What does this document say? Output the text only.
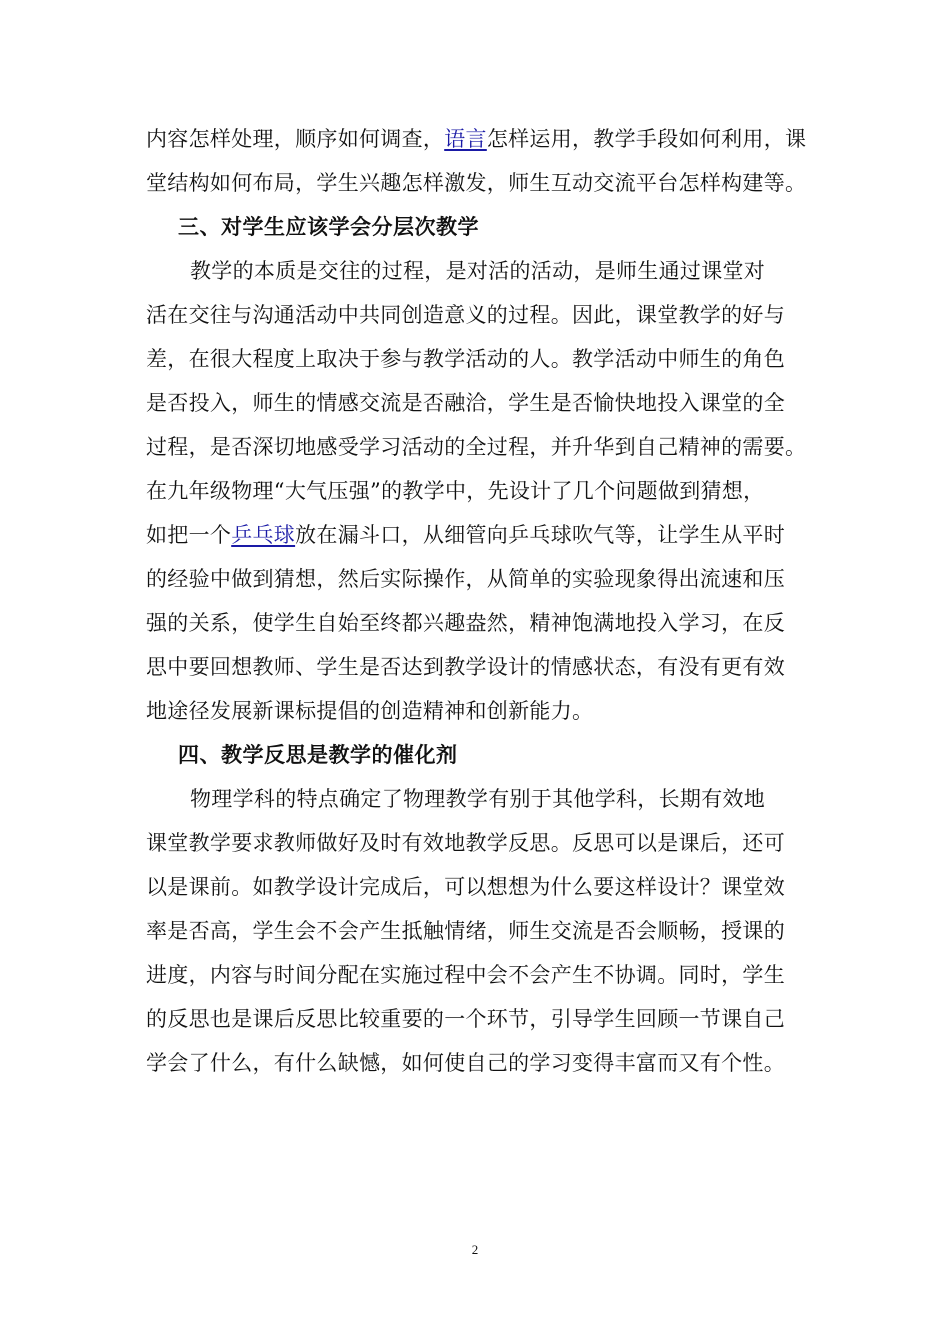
内容怎样处理，顺序如何调查，语言怎样运用，教学手段如何利用，课
堂结构如何布局，学生兴趣怎样激发，师生互动交流平台怎样构建等。
三、对学生应该学会分层次教学
教学的本质是交往的过程，是对活的活动，是师生通过课堂对
活在交往与沟通活动中共同创造意义的过程。因此，课堂教学的好与
差，在很大程度上取决于参与教学活动的人。教学活动中师生的角色
是否投入，师生的情感交流是否融洽，学生是否愉快地投入课堂的全
过程，是否深切地感受学习活动的全过程，并升华到自己精神的需要。
在九年级物理“大气压强”的教学中，先设计了几个问题做到猜想，
如把一个乒乓球放在漏斗口，从细管向乒乓球吹气等，让学生从平时
的经验中做到猜想，然后实际操作，从简单的实验现象得出流速和压
强的关系，使学生自始至终都兴趣盎然，精神饱满地投入学习，在反
思中要回想教师、学生是否达到教学设计的情感状态，有没有更有效
地途径发展新课标提倡的创造精神和创新能力。
四、教学反思是教学的催化剂
物理学科的特点确定了物理教学有别于其他学科，长期有效地
课堂教学要求教师做好及时有效地教学反思。反思可以是课后，还可
以是课前。如教学设计完成后，可以想想为什么要这样设计？课堂效
率是否高，学生会不会产生抵触情绪，师生交流是否会顺畅，授课的
进度，内容与时间分配在实施过程中会不会产生不协调。同时，学生
的反思也是课后反思比较重要的一个环节，引导学生回顾一节课自己
学会了什么，有什么缺憾，如何使自己的学习变得丰富而又有个性。
2
